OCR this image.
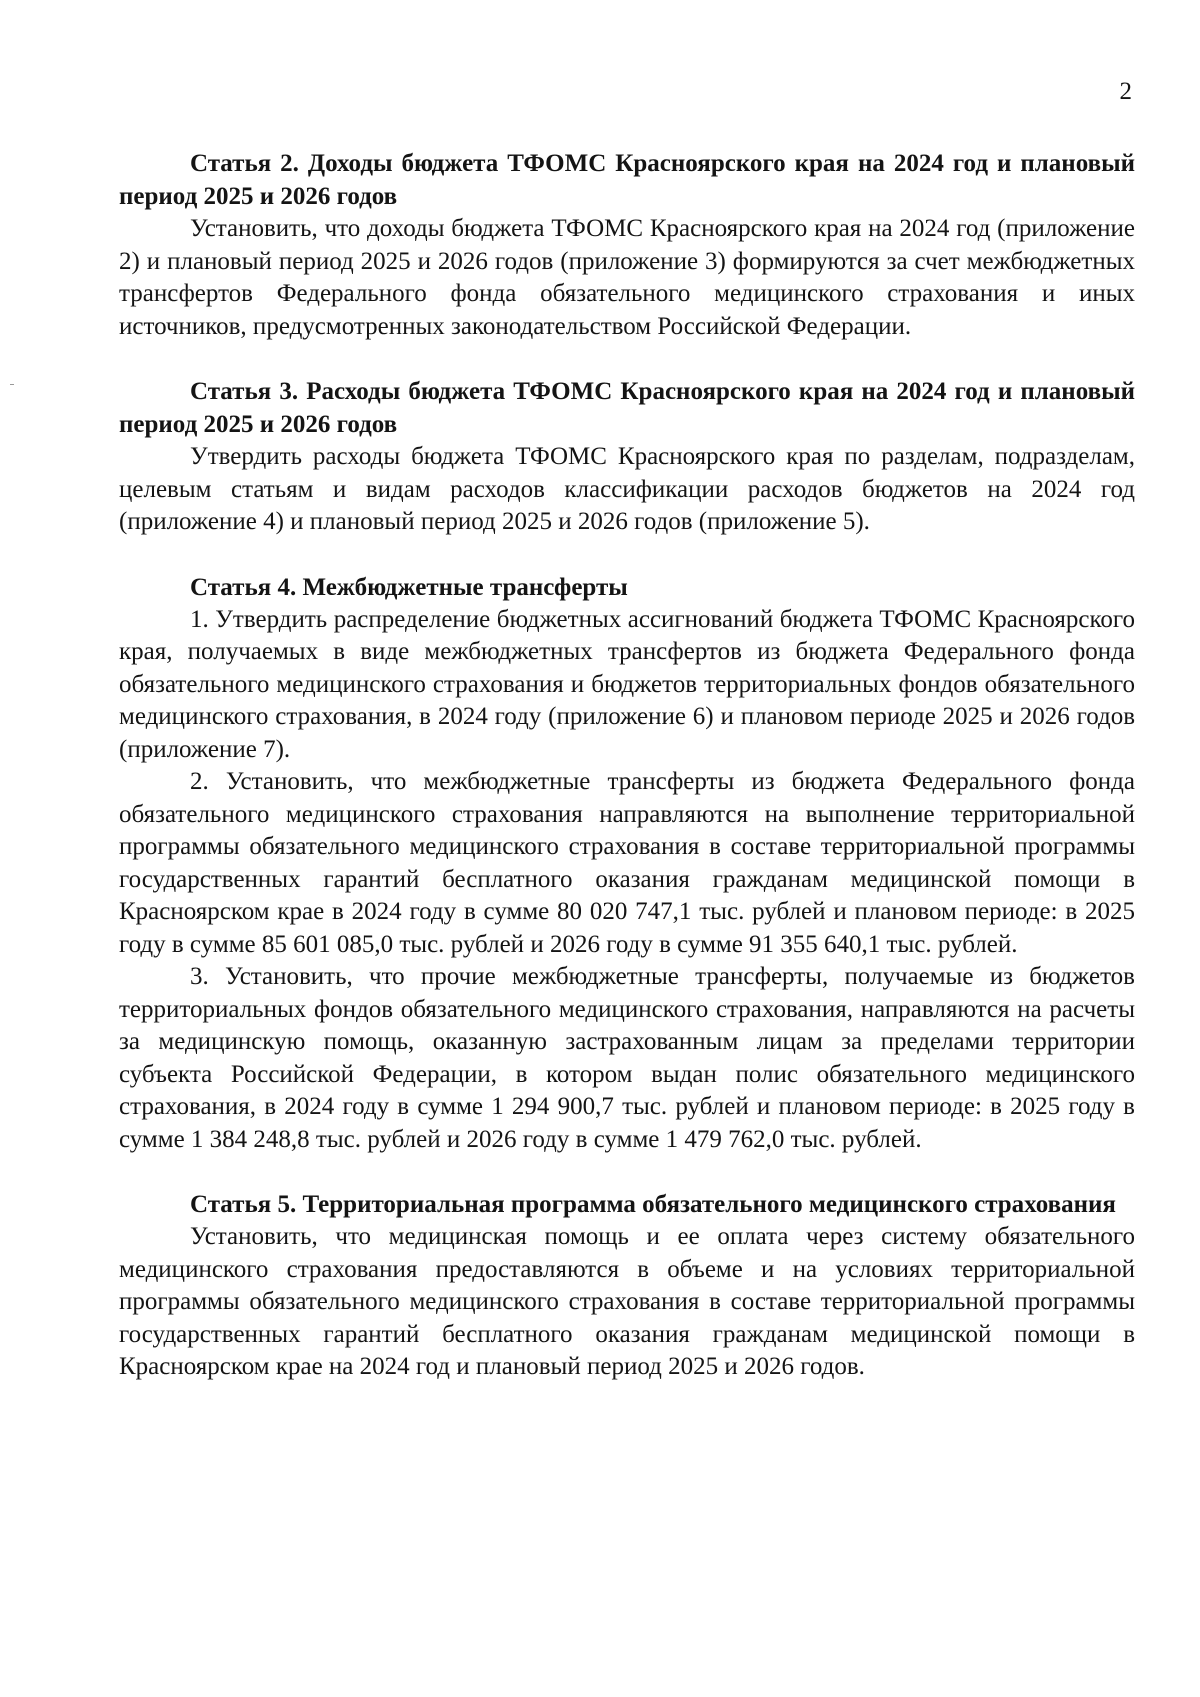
2
Статья 2. Доходы бюджета ТФОМС Красноярского края на 2024 год и плановый период 2025 и 2026 годов

Установить, что доходы бюджета ТФОМС Красноярского края на 2024 год (приложение 2) и плановый период 2025 и 2026 годов (приложение 3) формируются за счет межбюджетных трансфертов Федерального фонда обязательного медицинского страхования и иных источников, предусмотренных законодательством Российской Федерации.

Статья 3. Расходы бюджета ТФОМС Красноярского края на 2024 год и плановый период 2025 и 2026 годов

Утвердить расходы бюджета ТФОМС Красноярского края по разделам, подразделам, целевым статьям и видам расходов классификации расходов бюджетов на 2024 год (приложение 4) и плановый период 2025 и 2026 годов (приложение 5).

Статья 4. Межбюджетные трансферты

1. Утвердить распределение бюджетных ассигнований бюджета ТФОМС Красноярского края, получаемых в виде межбюджетных трансфертов из бюджета Федерального фонда обязательного медицинского страхования и бюджетов территориальных фондов обязательного медицинского страхования, в 2024 году (приложение 6) и плановом периоде 2025 и 2026 годов (приложение 7).

2. Установить, что межбюджетные трансферты из бюджета Федерального фонда обязательного медицинского страхования направляются на выполнение территориальной программы обязательного медицинского страхования в составе территориальной программы государственных гарантий бесплатного оказания гражданам медицинской помощи в Красноярском крае в 2024 году в сумме 80 020 747,1 тыс. рублей и плановом периоде: в 2025 году в сумме 85 601 085,0 тыс. рублей и 2026 году в сумме 91 355 640,1 тыс. рублей.

3. Установить, что прочие межбюджетные трансферты, получаемые из бюджетов территориальных фондов обязательного медицинского страхования, направляются на расчеты за медицинскую помощь, оказанную застрахованным лицам за пределами территории субъекта Российской Федерации, в котором выдан полис обязательного медицинского страхования, в 2024 году в сумме 1 294 900,7 тыс. рублей и плановом периоде: в 2025 году в сумме 1 384 248,8 тыс. рублей и 2026 году в сумме 1 479 762,0 тыс. рублей.

Статья 5. Территориальная программа обязательного медицинского страхования

Установить, что медицинская помощь и ее оплата через систему обязательного медицинского страхования предоставляются в объеме и на условиях территориальной программы обязательного медицинского страхования в составе территориальной программы государственных гарантий бесплатного оказания гражданам медицинской помощи в Красноярском крае на 2024 год и плановый период 2025 и 2026 годов.
